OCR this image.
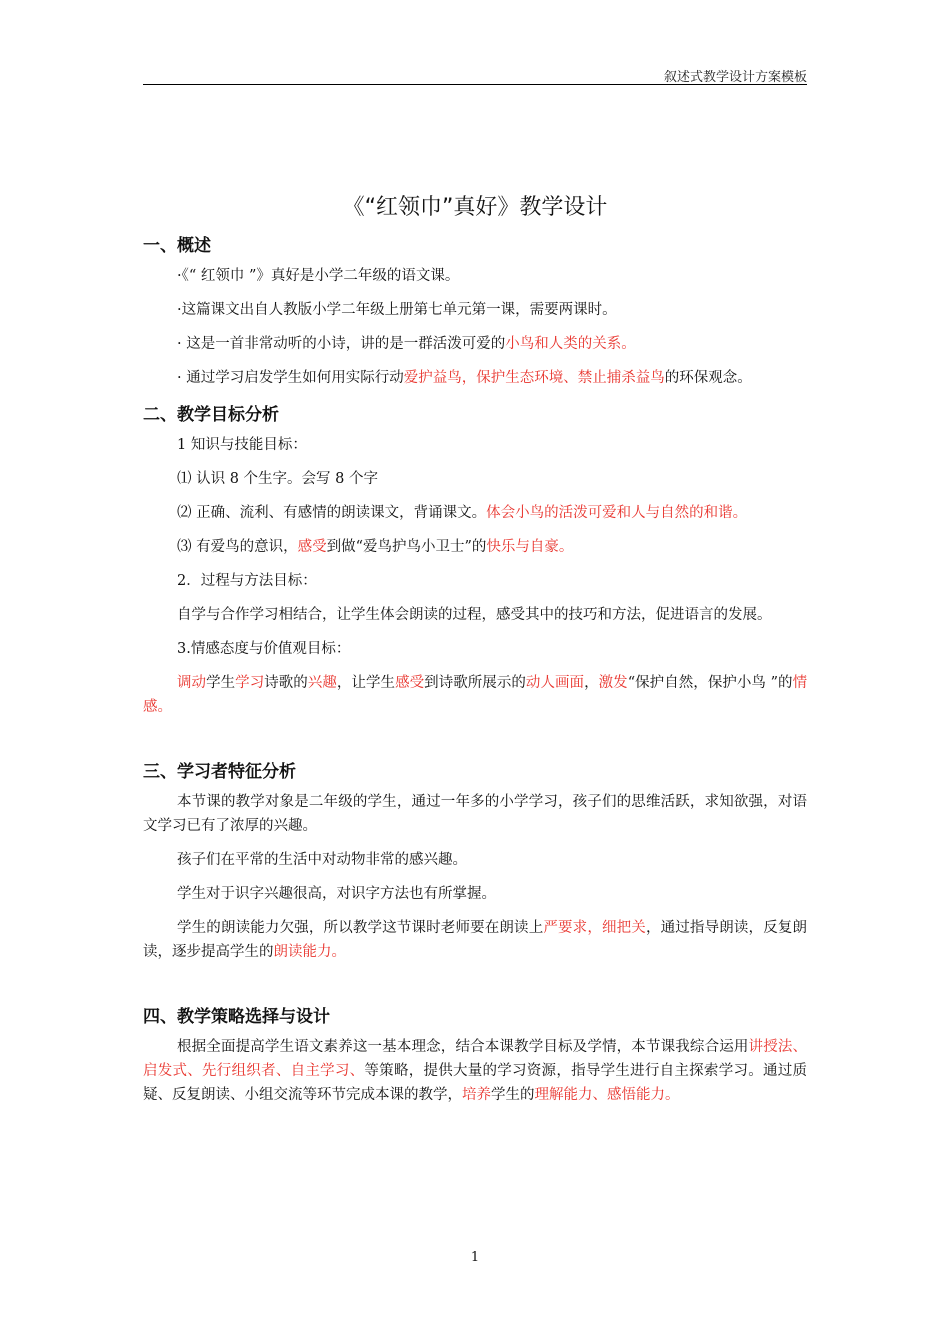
叙述式教学设计方案模板
《“红领巾”真好》教学设计
一、概述

·《“ 红领巾 ”》真好是小学二年级的语文课。

·这篇课文出自人教版小学二年级上册第七单元第一课，需要两课时。

· 这是一首非常动听的小诗，讲的是一群活泼可爱的小鸟和人类的关系。

· 通过学习启发学生如何用实际行动爱护益鸟，保护生态环境、禁止捕杀益鸟的环保观念。

二、教学目标分析

1 知识与技能目标：

⑴ 认识 8 个生字。会写 8 个字

⑵ 正确、流利、有感情的朗读课文，背诵课文。体会小鸟的活泼可爱和人与自然的和谐。

⑶ 有爱鸟的意识，感受到做“爱鸟护鸟小卫士”的快乐与自豪。

2．过程与方法目标：

自学与合作学习相结合，让学生体会朗读的过程，感受其中的技巧和方法，促进语言的发展。

3.情感态度与价值观目标：

调动学生学习诗歌的兴趣，让学生感受到诗歌所展示的动人画面，激发“保护自然，保护小鸟 ”的情感。

三、学习者特征分析

本节课的教学对象是二年级的学生，通过一年多的小学学习，孩子们的思维活跃，求知欲强，对语文学习已有了浓厚的兴趣。

孩子们在平常的生活中对动物非常的感兴趣。

学生对于识字兴趣很高，对识字方法也有所掌握。

学生的朗读能力欠强，所以教学这节课时老师要在朗读上严要求，细把关，通过指导朗读，反复朗读，逐步提高学生的朗读能力。

四、教学策略选择与设计

根据全面提高学生语文素养这一基本理念，结合本课教学目标及学情，本节课我综合运用讲授法、启发式、先行组织者、自主学习、等策略，提供大量的学习资源，指导学生进行自主探索学习。通过质疑、反复朗读、小组交流等环节完成本课的教学，培养学生的理解能力、感悟能力。

1
